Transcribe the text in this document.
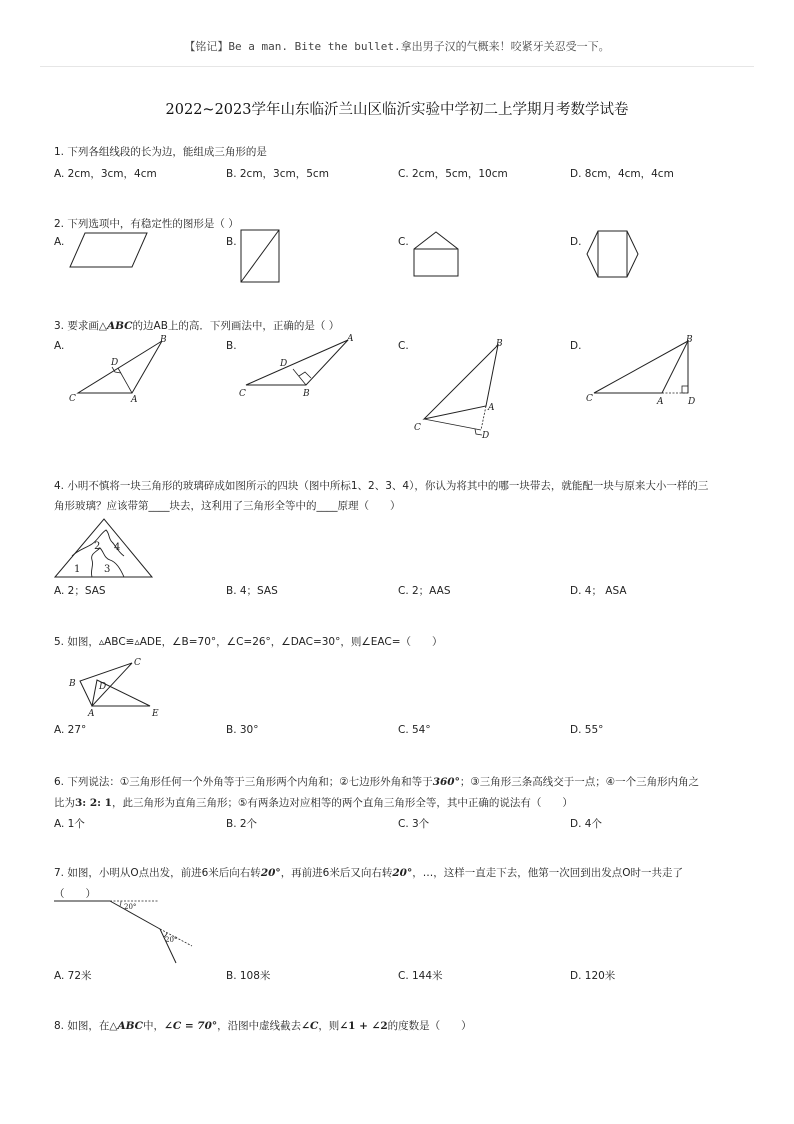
【铭记】Be a man. Bite the bullet.拿出男子汉的气概来！咬紧牙关忍受一下。
2022~2023学年山东临沂兰山区临沂实验中学初二上学期月考数学试卷
1. 下列各组线段的长为边，能组成三角形的是
A. 2cm，3cm，4cm	B. 2cm，3cm，5cm	C. 2cm，5cm，10cm	D. 8cm，4cm，4cm
2. 下列选项中，有稳定性的图形是（ ）
A.	B.	C.	D.
3. 要求画△ABC的边AB上的高．下列画法中，正确的是（ ）
A.	B.	C.	D.
C	A
B
D
C	B
A
D
C
A
B
D
C	A	D
B
4. 小明不慎将一块三角形的玻璃碎成如图所示的四块（图中所标1、2、3、4），你认为将其中的哪一块带去，就能配一块与原来大小一样的三
角形玻璃？应该带第____块去，这利用了三角形全等中的____原理（　　）
1
2
3
4
A. 2；SAS	B. 4；SAS	C. 2；AAS	D. 4； ASA
5. 如图，▵ABC≌▵ADE，∠B=70°，∠C=26°，∠DAC=30°，则∠EAC=（　　）
A
B
C
D
E
A. 27°	B. 30°	C. 54°	D. 55°
6. 下列说法：①三角形任何一个外角等于三角形两个内角和；②七边形外角和等于360°；③三角形三条高线交于一点；④一个三角形内角之
比为3: 2: 1，此三角形为直角三角形；⑤有两条边对应相等的两个直角三角形全等，其中正确的说法有（　　）
A. 1个	B. 2个	C. 3个	D. 4个
7. 如图，小明从O点出发，前进6米后向右转20°，再前进6米后又向右转20°，…，这样一直走下去，他第一次回到出发点O时一共走了
（　　）
20°
20°
A. 72米	B. 108米	C. 144米	D. 120米
8. 如图，在△ABC中，∠C = 70°，沿图中虚线截去∠C，则∠1 + ∠2的度数是（　　）
